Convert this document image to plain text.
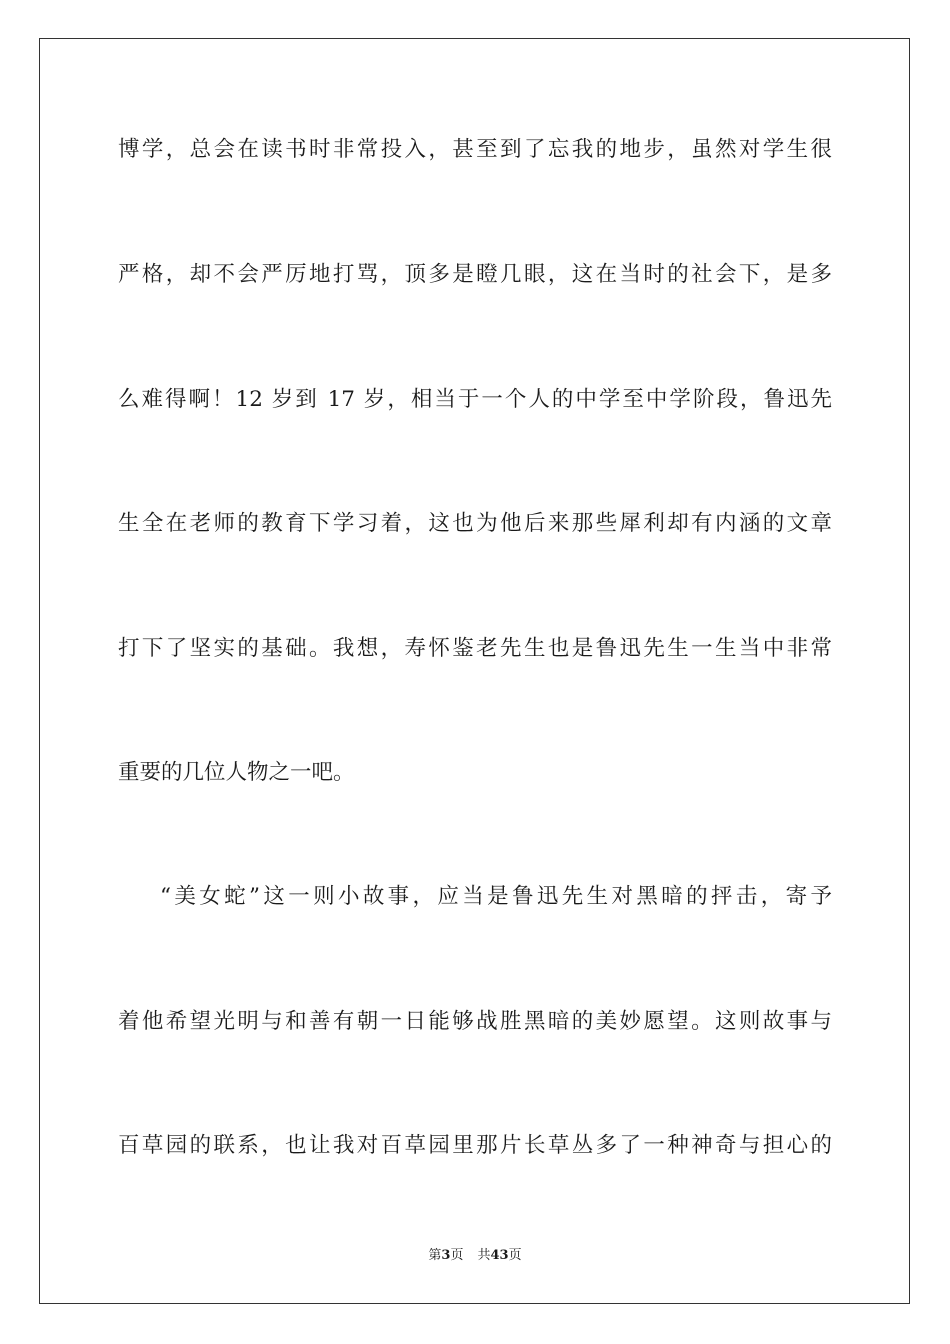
博学，总会在读书时非常投入，甚至到了忘我的地步，虽然对学生很
严格，却不会严厉地打骂，顶多是瞪几眼，这在当时的社会下，是多
么难得啊！12 岁到 17 岁，相当于一个人的中学至中学阶段，鲁迅先
生全在老师的教育下学习着，这也为他后来那些犀利却有内涵的文章
打下了坚实的基础。我想，寿怀鉴老先生也是鲁迅先生一生当中非常
重要的几位人物之一吧。
“美女蛇”这一则小故事，应当是鲁迅先生对黑暗的抨击，寄予
着他希望光明与和善有朝一日能够战胜黑暗的美妙愿望。这则故事与
百草园的联系，也让我对百草园里那片长草丛多了一种神奇与担心的
第3页 共43页
